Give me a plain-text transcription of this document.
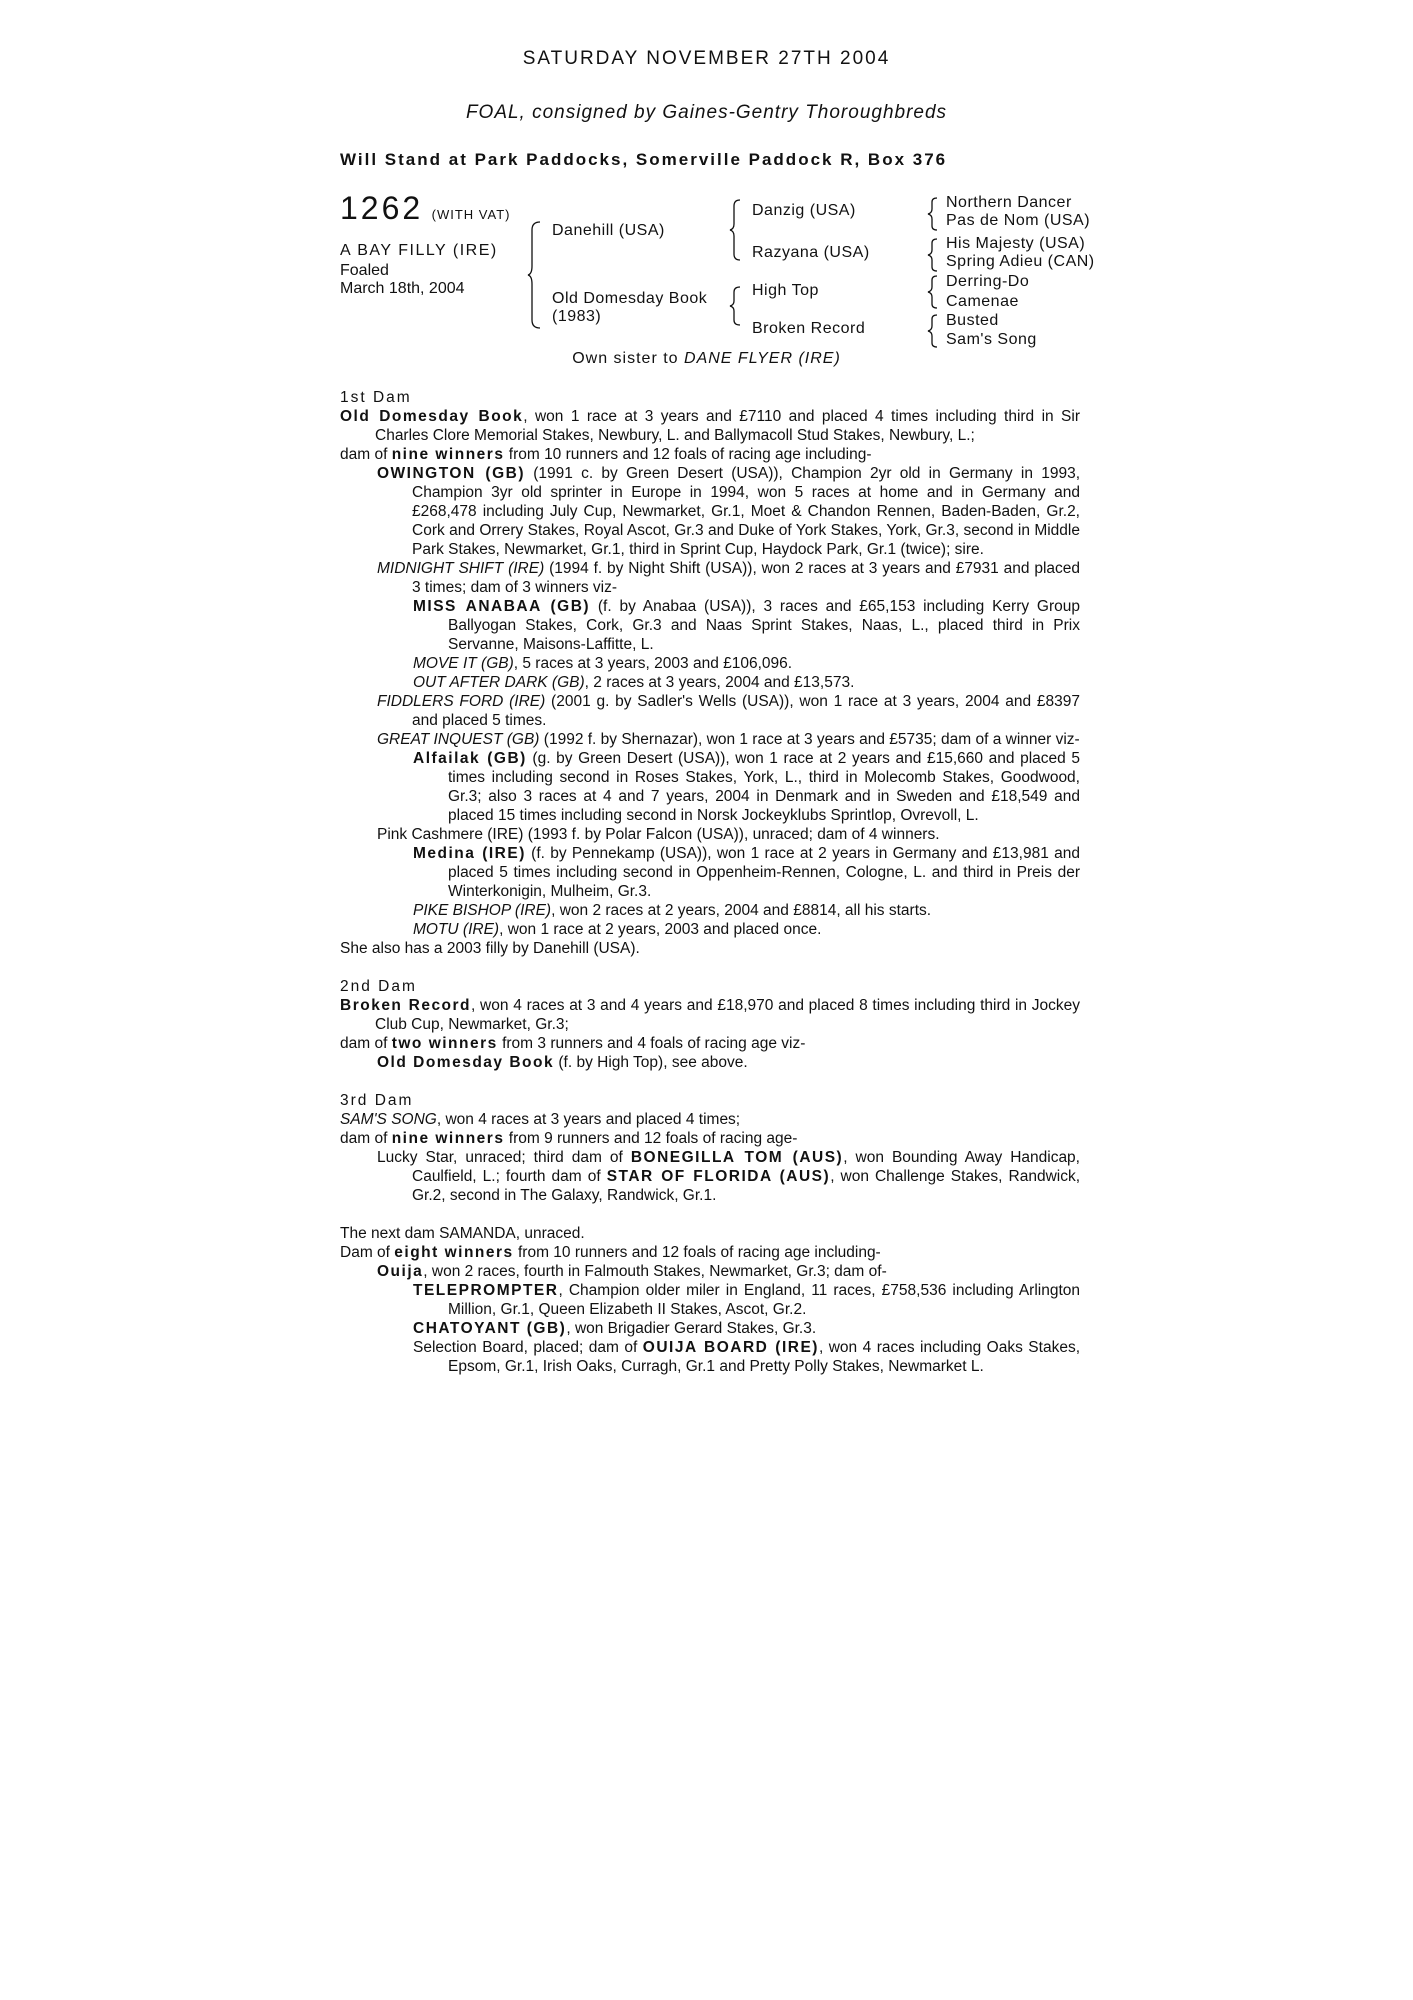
SATURDAY NOVEMBER 27TH 2004
FOAL, consigned by Gaines-Gentry Thoroughbreds
Will Stand at Park Paddocks, Somerville Paddock R, Box 376
1262 (WITH VAT)
A BAY FILLY (IRE)
Foaled
March 18th, 2004
Danehill (USA)
Old Domesday Book
(1983)
Danzig (USA)
Razyana (USA)
High Top
Broken Record
Northern Dancer
Pas de Nom (USA)
His Majesty (USA)
Spring Adieu (CAN)
Derring-Do
Camenae
Busted
Sam's Song
Own sister to DANE FLYER (IRE)

1st Dam

Old Domesday Book, won 1 race at 3 years and £7110 and placed 4 times including third in Sir Charles Clore Memorial Stakes, Newbury, L. and Ballymacoll Stud Stakes, Newbury, L.;

dam of nine winners from 10 runners and 12 foals of racing age including-

OWINGTON (GB) (1991 c. by Green Desert (USA)), Champion 2yr old in Germany in 1993, Champion 3yr old sprinter in Europe in 1994, won 5 races at home and in Germany and £268,478 including July Cup, Newmarket, Gr.1, Moet & Chandon Rennen, Baden-Baden, Gr.2, Cork and Orrery Stakes, Royal Ascot, Gr.3 and Duke of York Stakes, York, Gr.3, second in Middle Park Stakes, Newmarket, Gr.1, third in Sprint Cup, Haydock Park, Gr.1 (twice); sire.

MIDNIGHT SHIFT (IRE) (1994 f. by Night Shift (USA)), won 2 races at 3 years and £7931 and placed 3 times; dam of 3 winners viz-

MISS ANABAA (GB) (f. by Anabaa (USA)), 3 races and £65,153 including Kerry Group Ballyogan Stakes, Cork, Gr.3 and Naas Sprint Stakes, Naas, L., placed third in Prix Servanne, Maisons-Laffitte, L.

MOVE IT (GB), 5 races at 3 years, 2003 and £106,096.

OUT AFTER DARK (GB), 2 races at 3 years, 2004 and £13,573.

FIDDLERS FORD (IRE) (2001 g. by Sadler's Wells (USA)), won 1 race at 3 years, 2004 and £8397 and placed 5 times.

GREAT INQUEST (GB) (1992 f. by Shernazar), won 1 race at 3 years and £5735; dam of a winner viz-

Alfailak (GB) (g. by Green Desert (USA)), won 1 race at 2 years and £15,660 and placed 5 times including second in Roses Stakes, York, L., third in Molecomb Stakes, Goodwood, Gr.3; also 3 races at 4 and 7 years, 2004 in Denmark and in Sweden and £18,549 and placed 15 times including second in Norsk Jockeyklubs Sprintlop, Ovrevoll, L.

Pink Cashmere (IRE) (1993 f. by Polar Falcon (USA)), unraced; dam of 4 winners.

Medina (IRE) (f. by Pennekamp (USA)), won 1 race at 2 years in Germany and £13,981 and placed 5 times including second in Oppenheim-Rennen, Cologne, L. and third in Preis der Winterkonigin, Mulheim, Gr.3.

PIKE BISHOP (IRE), won 2 races at 2 years, 2004 and £8814, all his starts.

MOTU (IRE), won 1 race at 2 years, 2003 and placed once.

She also has a 2003 filly by Danehill (USA).

2nd Dam

Broken Record, won 4 races at 3 and 4 years and £18,970 and placed 8 times including third in Jockey Club Cup, Newmarket, Gr.3;

dam of two winners from 3 runners and 4 foals of racing age viz-

Old Domesday Book (f. by High Top), see above.

3rd Dam

SAM'S SONG, won 4 races at 3 years and placed 4 times;

dam of nine winners from 9 runners and 12 foals of racing age-

Lucky Star, unraced; third dam of BONEGILLA TOM (AUS), won Bounding Away Handicap, Caulfield, L.; fourth dam of STAR OF FLORIDA (AUS), won Challenge Stakes, Randwick, Gr.2, second in The Galaxy, Randwick, Gr.1.

The next dam SAMANDA, unraced.

Dam of eight winners from 10 runners and 12 foals of racing age including-

Ouija, won 2 races, fourth in Falmouth Stakes, Newmarket, Gr.3; dam of-

TELEPROMPTER, Champion older miler in England, 11 races, £758,536 including Arlington Million, Gr.1, Queen Elizabeth II Stakes, Ascot, Gr.2.

CHATOYANT (GB), won Brigadier Gerard Stakes, Gr.3.

Selection Board, placed; dam of OUIJA BOARD (IRE), won 4 races including Oaks Stakes, Epsom, Gr.1, Irish Oaks, Curragh, Gr.1 and Pretty Polly Stakes, Newmarket L.
